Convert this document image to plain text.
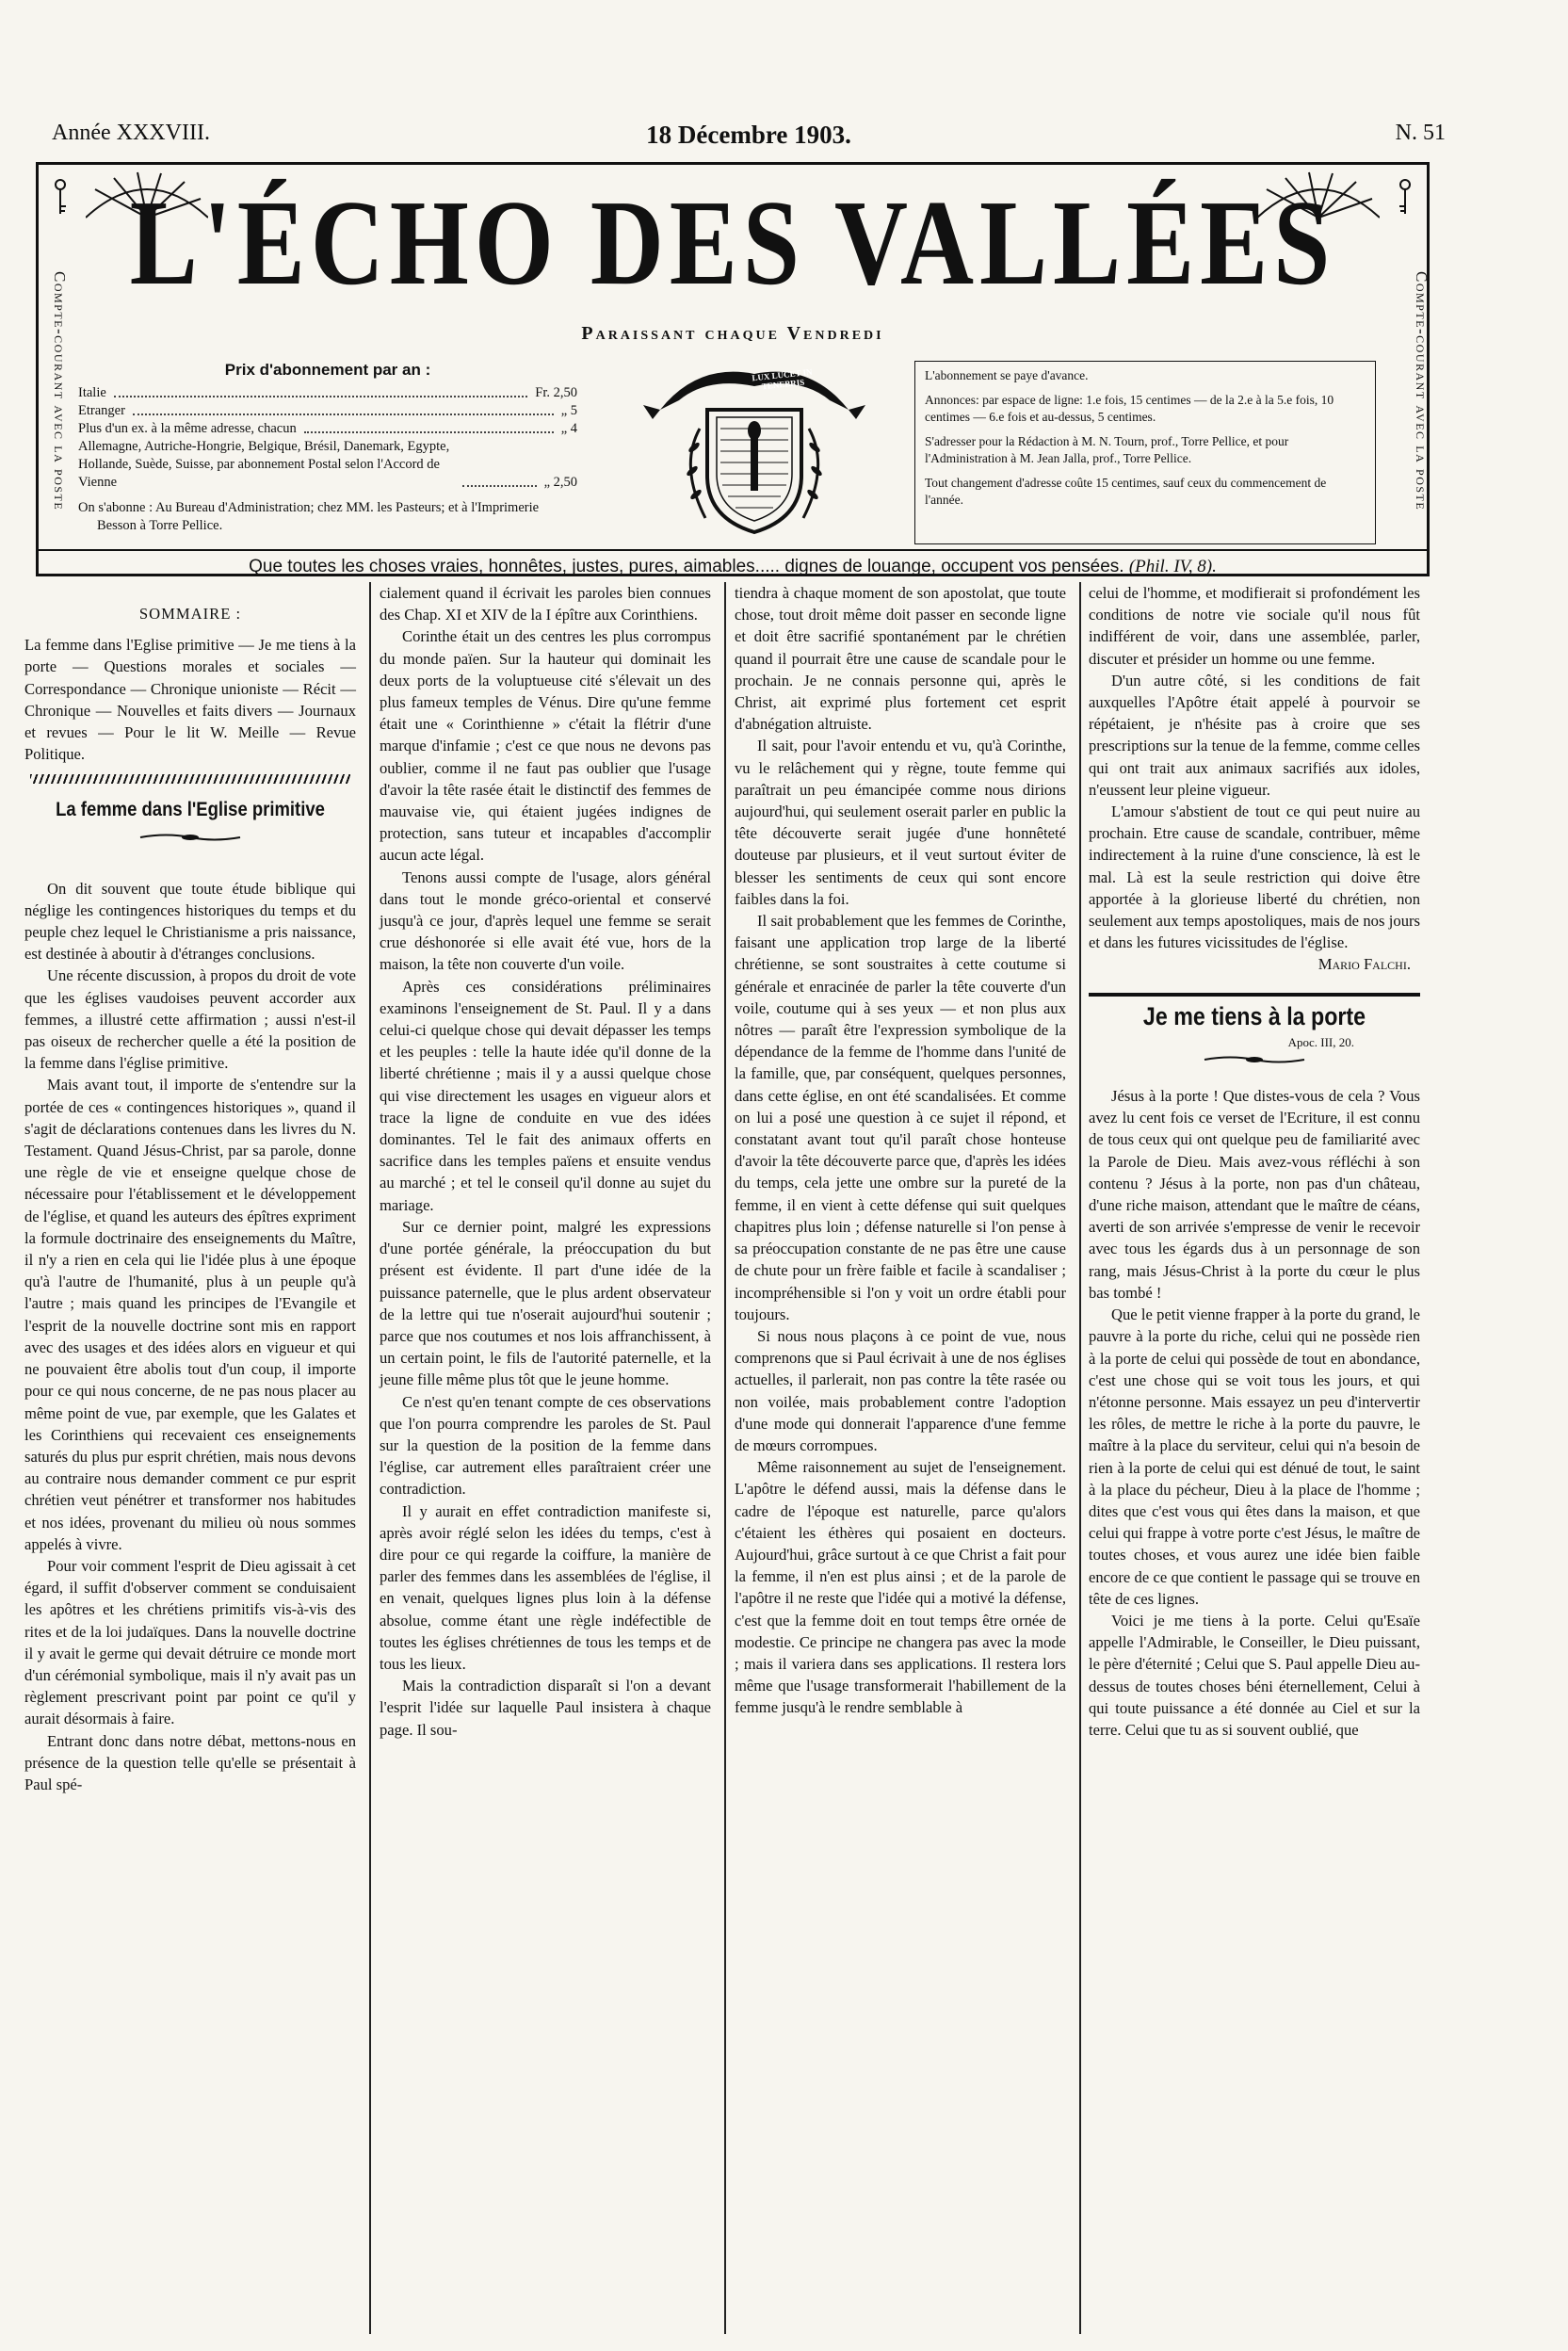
Année XXXVIII.	18 Décembre 1903.	N. 51
Compte-courant avec la poste	Compte-courant avec la poste
L'ÉCHO DES VALLÉES
Paraissant chaque Vendredi
Prix d'abonnement par an :
Italie	Fr. 2,50
Etranger	„ 5
Plus d'un ex. à la même adresse, chacun	„ 4
Allemagne, Autriche-Hongrie, Belgique, Brésil, Danemark, Egypte, Hollande, Suède, Suisse, par abonnement Postal selon l'Accord de Vienne	„ 2,50
On s'abonne : Au Bureau d'Administration; chez MM. les Pasteurs; et à l'Imprimerie Besson à Torre Pellice.
LUX LUCET IN TENEBRIS

L'abonnement se paye d'avance.

Annonces: par espace de ligne: 1.e fois, 15 centimes — de la 2.e à la 5.e fois, 10 centimes — 6.e fois et au-dessus, 5 centimes.

S'adresser pour la Rédaction à M. N. Tourn, prof., Torre Pellice, et pour l'Administration à M. Jean Jalla, prof., Torre Pellice.

Tout changement d'adresse coûte 15 centimes, sauf ceux du commencement de l'année.

Que toutes les choses vraies, honnêtes, justes, pures, aimables..... dignes de louange, occupent vos pensées. (Phil. IV, 8).
SOMMAIRE :
La femme dans l'Eglise primitive — Je me tiens à la porte — Questions morales et sociales — Correspondance — Chronique unioniste — Récit — Chronique — Nouvelles et faits divers — Journaux et revues — Pour le lit W. Meille — Revue Politique.
La femme dans l'Eglise primitive

On dit souvent que toute étude biblique qui néglige les contingences historiques du temps et du peuple chez lequel le Christianisme a pris naissance, est destinée à aboutir à d'étranges conclusions.

Une récente discussion, à propos du droit de vote que les églises vaudoises peuvent accorder aux femmes, a illustré cette affirmation ; aussi n'est-il pas oiseux de rechercher quelle a été la position de la femme dans l'église primitive.

Mais avant tout, il importe de s'entendre sur la portée de ces « contingences historiques », quand il s'agit de déclarations contenues dans les livres du N. Testament. Quand Jésus-Christ, par sa parole, donne une règle de vie et enseigne quelque chose de nécessaire pour l'établissement et le développement de l'église, et quand les auteurs des épîtres expriment la formule doctrinaire des enseignements du Maître, il n'y a rien en cela qui lie l'idée plus à une époque qu'à l'autre de l'humanité, plus à un peuple qu'à l'autre ; mais quand les principes de l'Evangile et l'esprit de la nouvelle doctrine sont mis en rapport avec des usages et des idées alors en vigueur et qui ne pouvaient être abolis tout d'un coup, il importe pour ce qui nous concerne, de ne pas nous placer au même point de vue, par exemple, que les Galates et les Corinthiens qui recevaient ces enseignements saturés du plus pur esprit chrétien, mais nous devons au contraire nous demander comment ce pur esprit chrétien veut pénétrer et transformer nos habitudes et nos idées, provenant du milieu où nous sommes appelés à vivre.

Pour voir comment l'esprit de Dieu agissait à cet égard, il suffit d'observer comment se conduisaient les apôtres et les chrétiens primitifs vis-à-vis des rites et de la loi judaïques. Dans la nouvelle doctrine il y avait le germe qui devait détruire ce monde mort d'un cérémonial symbolique, mais il n'y avait pas un règlement prescrivant point par point ce qu'il y aurait désormais à faire.

Entrant donc dans notre débat, mettons-nous en présence de la question telle qu'elle se présentait à Paul spé-

cialement quand il écrivait les paroles bien connues des Chap. XI et XIV de la I épître aux Corinthiens.

Corinthe était un des centres les plus corrompus du monde païen. Sur la hauteur qui dominait les deux ports de la voluptueuse cité s'élevait un des plus fameux temples de Vénus. Dire qu'une femme était une « Corinthienne » c'était la flétrir d'une marque d'infamie ; c'est ce que nous ne devons pas oublier, comme il ne faut pas oublier que l'usage d'avoir la tête rasée était le distinctif des femmes de mauvaise vie, qui étaient jugées indignes de protection, sans tuteur et incapables d'accomplir aucun acte légal.

Tenons aussi compte de l'usage, alors général dans tout le monde gréco-oriental et conservé jusqu'à ce jour, d'après lequel une femme se serait crue déshonorée si elle avait été vue, hors de la maison, la tête non couverte d'un voile.

Après ces considérations préliminaires examinons l'enseignement de St. Paul. Il y a dans celui-ci quelque chose qui devait dépasser les temps et les peuples : telle la haute idée qu'il donne de la liberté chrétienne ; mais il y a aussi quelque chose qui vise directement les usages en vigueur alors et trace la ligne de conduite en vue des idées dominantes. Tel le fait des animaux offerts en sacrifice dans les temples païens et ensuite vendus au marché ; et tel le conseil qu'il donne au sujet du mariage.

Sur ce dernier point, malgré les expressions d'une portée générale, la préoccupation du but présent est évidente. Il part d'une idée de la puissance paternelle, que le plus ardent observateur de la lettre qui tue n'oserait aujourd'hui soutenir ; parce que nos coutumes et nos lois affranchissent, à un certain point, le fils de l'autorité paternelle, et la jeune fille même plus tôt que le jeune homme.

Ce n'est qu'en tenant compte de ces observations que l'on pourra comprendre les paroles de St. Paul sur la question de la position de la femme dans l'église, car autrement elles paraîtraient créer une contradiction.

Il y aurait en effet contradiction manifeste si, après avoir réglé selon les idées du temps, c'est à dire pour ce qui regarde la coiffure, la manière de parler des femmes dans les assemblées de l'église, il en venait, quelques lignes plus loin à la défense absolue, comme étant une règle indéfectible de toutes les églises chrétiennes de tous les temps et de tous les lieux.

Mais la contradiction disparaît si l'on a devant l'esprit l'idée sur laquelle Paul insistera à chaque page. Il sou-

tiendra à chaque moment de son apostolat, que toute chose, tout droit même doit passer en seconde ligne et doit être sacrifié spontanément par le chrétien quand il pourrait être une cause de scandale pour le prochain. Je ne connais personne qui, après le Christ, ait exprimé plus fortement cet esprit d'abnégation altruiste.

Il sait, pour l'avoir entendu et vu, qu'à Corinthe, vu le relâchement qui y règne, toute femme qui paraîtrait un peu émancipée comme nous dirions aujourd'hui, qui seulement oserait parler en public la tête découverte serait jugée d'une honnêteté douteuse par plusieurs, et il veut surtout éviter de blesser les sentiments de ceux qui sont encore faibles dans la foi.

Il sait probablement que les femmes de Corinthe, faisant une application trop large de la liberté chrétienne, se sont soustraites à cette coutume si générale et enracinée de parler la tête couverte d'un voile, coutume qui à ses yeux — et non plus aux nôtres — paraît être l'expression symbolique de la dépendance de la femme de l'homme dans l'unité de la famille, que, par conséquent, quelques personnes, dans cette église, en ont été scandalisées. Et comme on lui a posé une question à ce sujet il répond, et constatant avant tout qu'il paraît chose honteuse d'avoir la tête découverte parce que, d'après les idées du temps, cela jette une ombre sur la pureté de la femme, il en vient à cette défense qui suit quelques chapitres plus loin ; défense naturelle si l'on pense à sa préoccupation constante de ne pas être une cause de chute pour un frère faible et facile à scandaliser ; incompréhensible si l'on y voit un ordre établi pour toujours.

Si nous nous plaçons à ce point de vue, nous comprenons que si Paul écrivait à une de nos églises actuelles, il parlerait, non pas contre la tête rasée ou non voilée, mais probablement contre l'adoption d'une mode qui donnerait l'apparence d'une femme de mœurs corrompues.

Même raisonnement au sujet de l'enseignement. L'apôtre le défend aussi, mais la défense dans le cadre de l'époque est naturelle, parce qu'alors c'étaient les éthères qui posaient en docteurs. Aujourd'hui, grâce surtout à ce que Christ a fait pour la femme, il n'en est plus ainsi ; et de la parole de l'apôtre il ne reste que l'idée qui a motivé la défense, c'est que la femme doit en tout temps être ornée de modestie. Ce principe ne changera pas avec la mode ; mais il variera dans ses applications. Il restera lors même que l'usage transformerait l'habillement de la femme jusqu'à le rendre semblable à

celui de l'homme, et modifierait si profondément les conditions de notre vie sociale qu'il nous fût indifférent de voir, dans une assemblée, parler, discuter et présider un homme ou une femme.

D'un autre côté, si les conditions de fait auxquelles l'Apôtre était appelé à pourvoir se répétaient, je n'hésite pas à croire que ses prescriptions sur la tenue de la femme, comme celles qui ont trait aux animaux sacrifiés aux idoles, n'eussent leur pleine vigueur.

L'amour s'abstient de tout ce qui peut nuire au prochain. Etre cause de scandale, contribuer, même indirectement à la ruine d'une conscience, là est le mal. Là est la seule restriction qui doive être apportée à la glorieuse liberté du chrétien, non seulement aux temps apostoliques, mais de nos jours et dans les futures vicissitudes de l'église.

Mario Falchi.
Je me tiens à la porte
Apoc. III, 20.

Jésus à la porte ! Que distes-vous de cela ? Vous avez lu cent fois ce verset de l'Ecriture, il est connu de tous ceux qui ont quelque peu de familiarité avec la Parole de Dieu. Mais avez-vous réfléchi à son contenu ? Jésus à la porte, non pas d'un château, d'une riche maison, attendant que le maître de céans, averti de son arrivée s'empresse de venir le recevoir avec tous les égards dus à un personnage de son rang, mais Jésus-Christ à la porte du cœur le plus bas tombé !

Que le petit vienne frapper à la porte du grand, le pauvre à la porte du riche, celui qui ne possède rien à la porte de celui qui possède de tout en abondance, c'est une chose qui se voit tous les jours, et qui n'étonne personne. Mais essayez un peu d'intervertir les rôles, de mettre le riche à la porte du pauvre, le maître à la place du serviteur, celui qui n'a besoin de rien à la porte de celui qui est dénué de tout, le saint à la place du pécheur, Dieu à la place de l'homme ; dites que c'est vous qui êtes dans la maison, et que celui qui frappe à votre porte c'est Jésus, le maître de toutes choses, et vous aurez une idée bien faible encore de ce que contient le passage qui se trouve en tête de ces lignes.

Voici je me tiens à la porte. Celui qu'Esaïe appelle l'Admirable, le Conseiller, le Dieu puissant, le père d'éternité ; Celui que S. Paul appelle Dieu au-dessus de toutes choses béni éternellement, Celui à qui toute puissance a été donnée au Ciel et sur la terre. Celui que tu as si souvent oublié, que
